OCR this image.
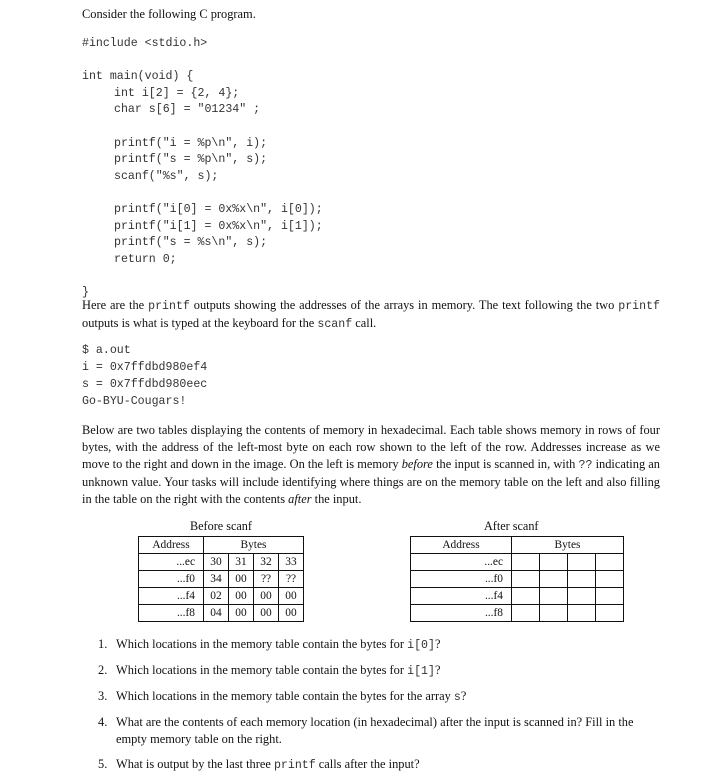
Consider the following C program.
#include <stdio.h>
int main(void) {
int i[2] = {2, 4};
char s[6] = "01234" ;
printf("i = %p\n", i);
printf("s = %p\n", s);
scanf("%s", s);
printf("i[0] = 0x%x\n", i[0]);
printf("i[1] = 0x%x\n", i[1]);
printf("s = %s\n", s);
return 0;
}
Here are the printf outputs showing the addresses of the arrays in memory. The text following the two printf outputs is what is typed at the keyboard for the scanf call.
$ a.out
i = 0x7ffdbd980ef4
s = 0x7ffdbd980eec
Go-BYU-Cougars!
Below are two tables displaying the contents of memory in hexadecimal. Each table shows memory in rows of four bytes, with the address of the left-most byte on each row shown to the left of the row. Addresses increase as we move to the right and down in the image. On the left is memory before the input is scanned in, with ?? indicating an unknown value. Your tasks will include identifying where things are on the memory table on the left and also filling in the table on the right with the contents after the input.
Before scanf	After scanf
Address	Bytes			
...ec	30	31	32	33
...f0	34	00	??	??
...f4	02	00	00	00
...f8	04	00	00	00
Address	Bytes			
...ec				
...f0				
...f4				
...f8				
1. Which locations in the memory table contain the bytes for i[0]?
2. Which locations in the memory table contain the bytes for i[1]?
3. Which locations in the memory table contain the bytes for the array s?
4. What are the contents of each memory location (in hexadecimal) after the input is scanned in? Fill in the empty memory table on the right.
5. What is output by the last three printf calls after the input?
